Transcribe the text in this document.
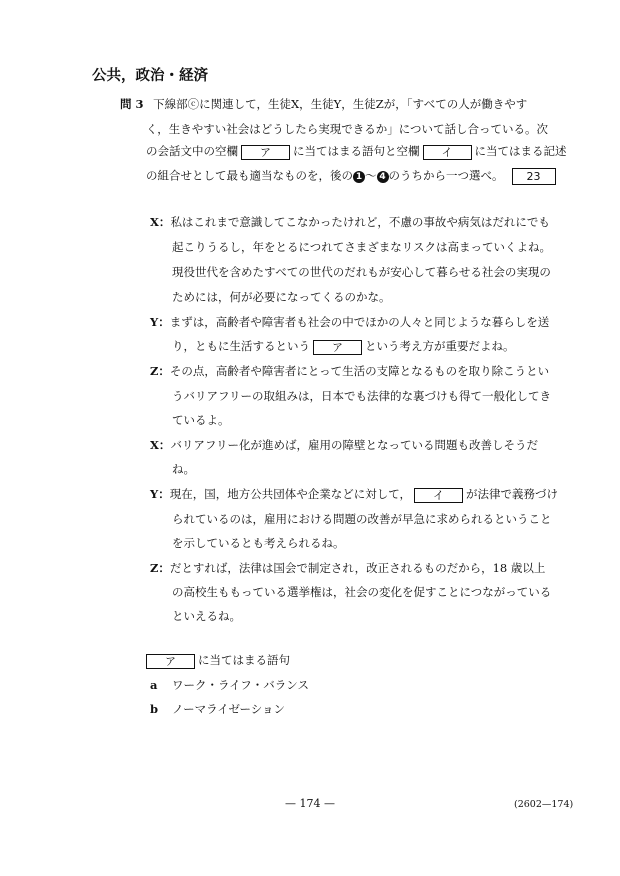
公共，政治・経済
問 3 下線部ⓒに関連して，生徒X，生徒Y，生徒Zが，「すべての人が働きやす
く，生きやすい社会はどうしたら実現できるか」について話し合っている。次
の会話文中の空欄 ア に当てはまる語句と空欄 イ に当てはまる記述
の組合せとして最も適当なものを，後の 1 ～ 4 のうちから一つ選べ。 23
X：私はこれまで意識してこなかったけれど，不慮の事故や病気はだれにでも
起こりうるし，年をとるにつれてさまざまなリスクは高まっていくよね。
現役世代を含めたすべての世代のだれもが安心して暮らせる社会の実現の
ためには，何が必要になってくるのかな。
Y：まずは，高齢者や障害者も社会の中でほかの人々と同じような暮らしを送
り，ともに生活するという ア という考え方が重要だよね。
Z：その点，高齢者や障害者にとって生活の支障となるものを取り除こうとい
うバリアフリーの取組みは，日本でも法律的な裏づけも得て一般化してき
ているよ。
X：バリアフリー化が進めば，雇用の障壁となっている問題も改善しそうだ
ね。
Y：現在，国，地方公共団体や企業などに対して， イ が法律で義務づけ
られているのは，雇用における問題の改善が早急に求められるということ
を示しているとも考えられるね。
Z：だとすれば，法律は国会で制定され，改正されるものだから，18 歳以上
の高校生ももっている選挙権は，社会の変化を促すことにつながっている
といえるね。
ア に当てはまる語句
a ワーク・ライフ・バランス
b ノーマライゼーション
— 174 —	(2602—174)
